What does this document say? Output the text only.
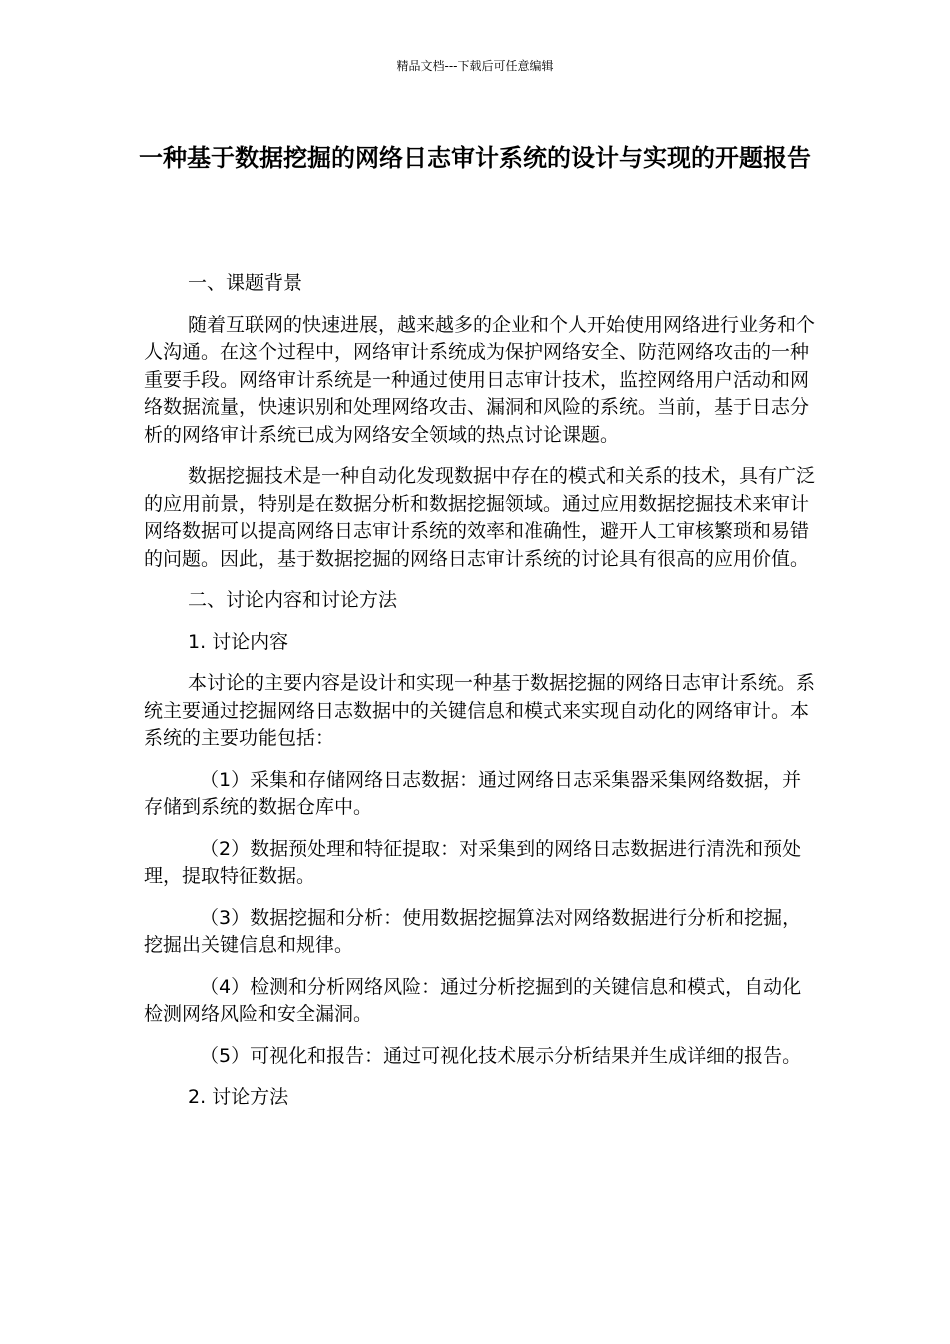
精品文档---下载后可任意编辑
一种基于数据挖掘的网络日志审计系统的设计与实现的开题报告

一、课题背景

随着互联网的快速进展，越来越多的企业和个人开始使用网络进行业务和个人沟通。在这个过程中，网络审计系统成为保护网络安全、防范网络攻击的一种重要手段。网络审计系统是一种通过使用日志审计技术，监控网络用户活动和网络数据流量，快速识别和处理网络攻击、漏洞和风险的系统。当前，基于日志分析的网络审计系统已成为网络安全领域的热点讨论课题。

数据挖掘技术是一种自动化发现数据中存在的模式和关系的技术，具有广泛的应用前景，特别是在数据分析和数据挖掘领域。通过应用数据挖掘技术来审计网络数据可以提高网络日志审计系统的效率和准确性，避开人工审核繁琐和易错的问题。因此，基于数据挖掘的网络日志审计系统的讨论具有很高的应用价值。

二、讨论内容和讨论方法

1. 讨论内容

本讨论的主要内容是设计和实现一种基于数据挖掘的网络日志审计系统。系统主要通过挖掘网络日志数据中的关键信息和模式来实现自动化的网络审计。本系统的主要功能包括：

（1）采集和存储网络日志数据：通过网络日志采集器采集网络数据，并存储到系统的数据仓库中。

（2）数据预处理和特征提取：对采集到的网络日志数据进行清洗和预处理，提取特征数据。

（3）数据挖掘和分析：使用数据挖掘算法对网络数据进行分析和挖掘，挖掘出关键信息和规律。

（4）检测和分析网络风险：通过分析挖掘到的关键信息和模式，自动化检测网络风险和安全漏洞。

（5）可视化和报告：通过可视化技术展示分析结果并生成详细的报告。

2. 讨论方法
